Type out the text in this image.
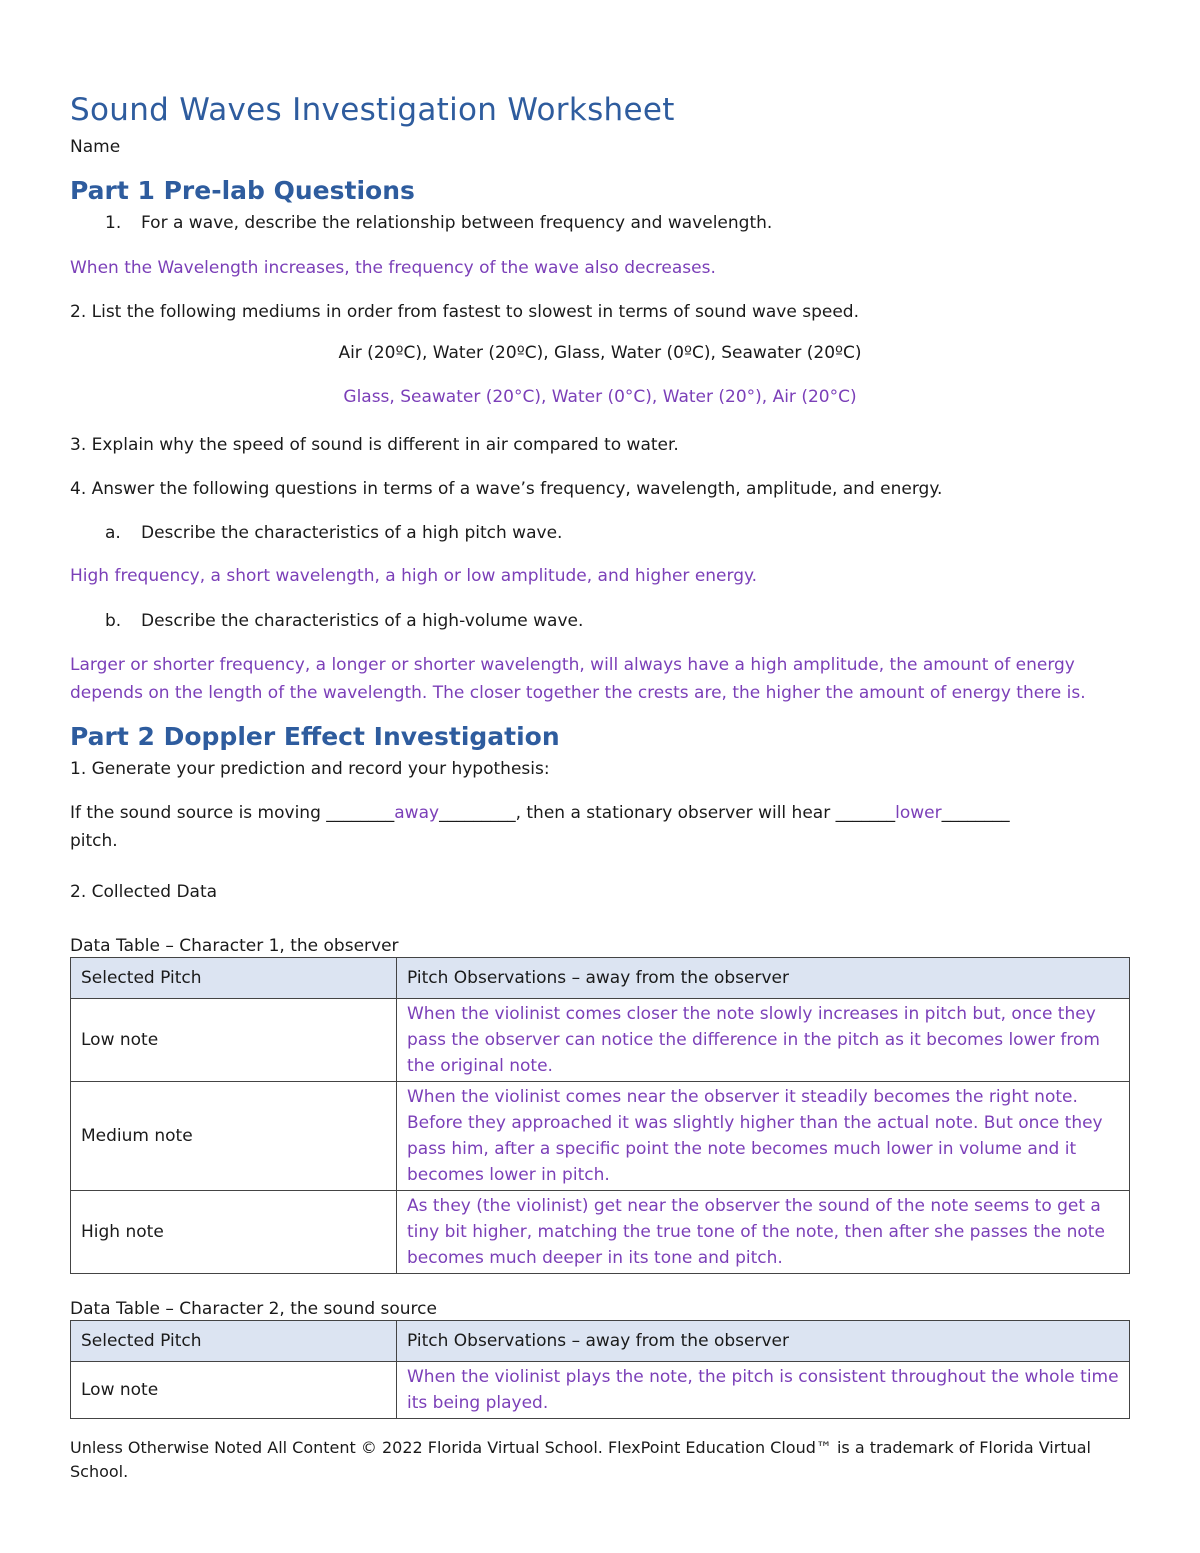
Sound Waves Investigation Worksheet
Name
Part 1 Pre-lab Questions
1. For a wave, describe the relationship between frequency and wavelength.
When the Wavelength increases, the frequency of the wave also decreases.
2. List the following mediums in order from fastest to slowest in terms of sound wave speed.
Air (20ºC), Water (20ºC), Glass, Water (0ºC), Seawater (20ºC)
Glass, Seawater (20°C), Water (0°C), Water (20°), Air (20°C)
3. Explain why the speed of sound is different in air compared to water.
4. Answer the following questions in terms of a wave’s frequency, wavelength, amplitude, and energy.
a. Describe the characteristics of a high pitch wave.
High frequency, a short wavelength, a high or low amplitude, and higher energy.
b. Describe the characteristics of a high-volume wave.
Larger or shorter frequency, a longer or shorter wavelength, will always have a high amplitude, the amount of energy
depends on the length of the wavelength. The closer together the crests are, the higher the amount of energy there is.
Part 2 Doppler Effect Investigation
1. Generate your prediction and record your hypothesis:
If the sound source is moving ________away_________, then a stationary observer will hear _______lower________
pitch.
2. Collected Data
Data Table – Character 1, the observer
Selected Pitch	Pitch Observations – away from the observer
Low note	When the violinist comes closer the note slowly increases in pitch but, once they pass the observer can notice the difference in the pitch as it becomes lower from the original note.
Medium note	When the violinist comes near the observer it steadily becomes the right note. Before they approached it was slightly higher than the actual note. But once they pass him, after a specific point the note becomes much lower in volume and it becomes lower in pitch.
High note	As they (the violinist) get near the observer the sound of the note seems to get a tiny bit higher, matching the true tone of the note, then after she passes the note becomes much deeper in its tone and pitch.
Data Table – Character 2, the sound source
Selected Pitch	Pitch Observations – away from the observer
Low note	When the violinist plays the note, the pitch is consistent throughout the whole time its being played.
Unless Otherwise Noted All Content © 2022 Florida Virtual School. FlexPoint Education Cloud™ is a trademark of Florida Virtual School.
